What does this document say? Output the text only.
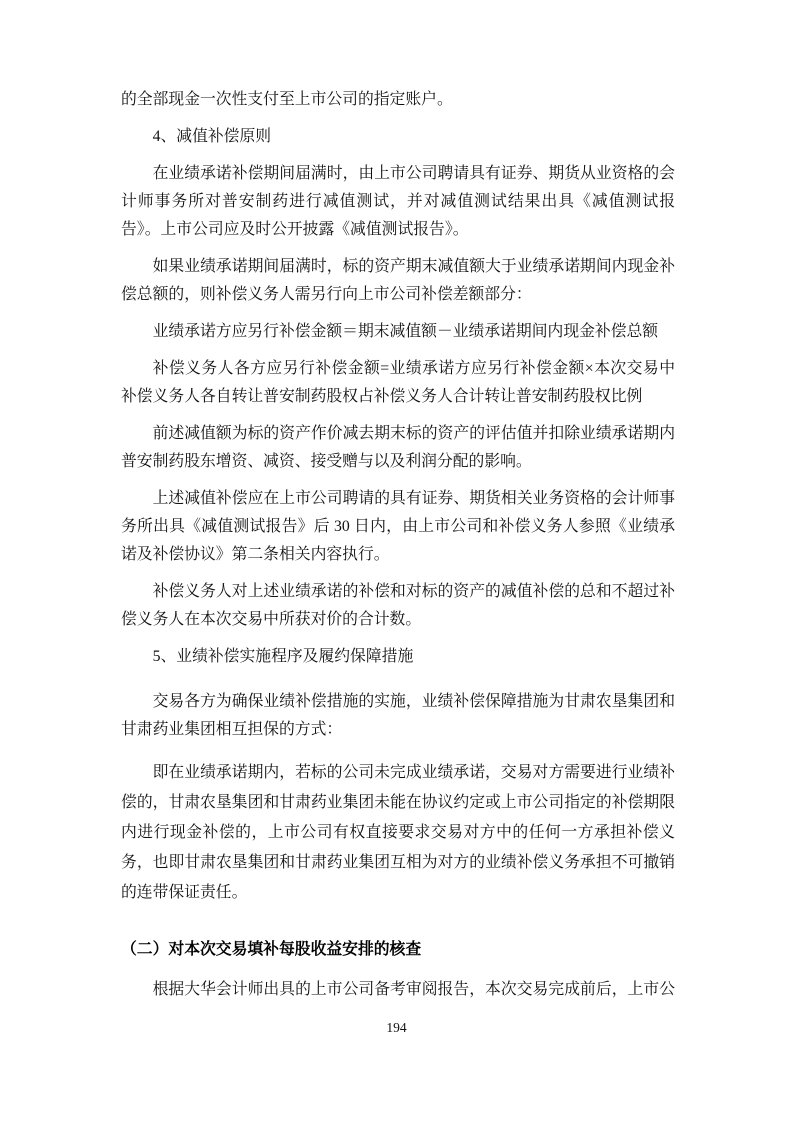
的全部现金一次性支付至上市公司的指定账户。

4、减值补偿原则

在业绩承诺补偿期间届满时，由上市公司聘请具有证券、期货从业资格的会计师事务所对普安制药进行减值测试，并对减值测试结果出具《减值测试报告》。上市公司应及时公开披露《减值测试报告》。

如果业绩承诺期间届满时，标的资产期末减值额大于业绩承诺期间内现金补偿总额的，则补偿义务人需另行向上市公司补偿差额部分：

业绩承诺方应另行补偿金额＝期末减值额－业绩承诺期间内现金补偿总额

补偿义务人各方应另行补偿金额=业绩承诺方应另行补偿金额×本次交易中补偿义务人各自转让普安制药股权占补偿义务人合计转让普安制药股权比例

前述减值额为标的资产作价减去期末标的资产的评估值并扣除业绩承诺期内普安制药股东增资、减资、接受赠与以及利润分配的影响。

上述减值补偿应在上市公司聘请的具有证券、期货相关业务资格的会计师事务所出具《减值测试报告》后 30 日内，由上市公司和补偿义务人参照《业绩承诺及补偿协议》第二条相关内容执行。

补偿义务人对上述业绩承诺的补偿和对标的资产的减值补偿的总和不超过补偿义务人在本次交易中所获对价的合计数。

5、业绩补偿实施程序及履约保障措施

交易各方为确保业绩补偿措施的实施，业绩补偿保障措施为甘肃农垦集团和甘肃药业集团相互担保的方式：

即在业绩承诺期内，若标的公司未完成业绩承诺，交易对方需要进行业绩补偿的，甘肃农垦集团和甘肃药业集团未能在协议约定或上市公司指定的补偿期限内进行现金补偿的，上市公司有权直接要求交易对方中的任何一方承担补偿义务，也即甘肃农垦集团和甘肃药业集团互相为对方的业绩补偿义务承担不可撤销的连带保证责任。

（二）对本次交易填补每股收益安排的核查

根据大华会计师出具的上市公司备考审阅报告，本次交易完成前后，上市公

194
